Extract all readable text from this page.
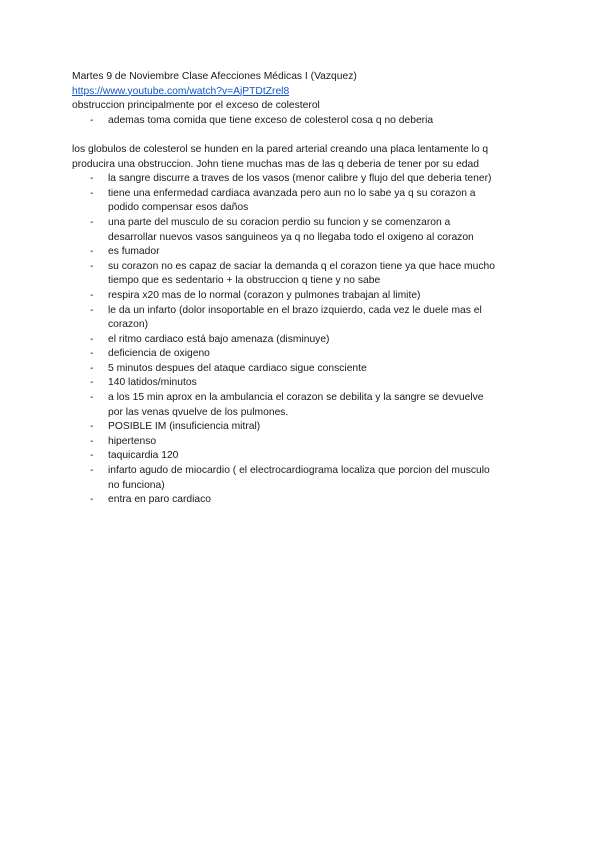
Martes 9 de Noviembre Clase Afecciones Médicas I (Vazquez)

https://www.youtube.com/watch?v=AjPTDtZrel8

obstruccion principalmente por el exceso de colesterol

- ademas toma comida que tiene exceso de colesterol cosa q no deberia
los globulos de colesterol se hunden en la pared arterial creando una placa lentamente lo q
producira una obstruccion. John tiene muchas mas de las q deberia de tener por su edad
- la sangre discurre a traves de los vasos (menor calibre y flujo del que deberia tener)
- tiene una enfermedad cardiaca avanzada pero aun no lo sabe ya q su corazon a
podido compensar esos daños
- una parte del musculo de su coracion perdio su funcion y se comenzaron a
desarrollar nuevos vasos sanguineos ya q no llegaba todo el oxigeno al corazon
- es fumador
- su corazon no es capaz de saciar la demanda q el corazon tiene ya que hace mucho
tiempo que es sedentario + la obstruccion q tiene y no sabe
- respira x20 mas de lo normal (corazon y pulmones trabajan al limite)
- le da un infarto (dolor insoportable en el brazo izquierdo, cada vez le duele mas el
corazon)
- el ritmo cardiaco está bajo amenaza (disminuye)
- deficiencia de oxigeno
- 5 minutos despues del ataque cardiaco sigue consciente
- 140 latidos/minutos
- a los 15 min aprox en la ambulancia el corazon se debilita y la sangre se devuelve
por las venas qvuelve de los pulmones.
- POSIBLE IM (insuficiencia mitral)
- hipertenso
- taquicardia 120
- infarto agudo de miocardio ( el electrocardiograma localiza que porcion del musculo
no funciona)
- entra en paro cardiaco
